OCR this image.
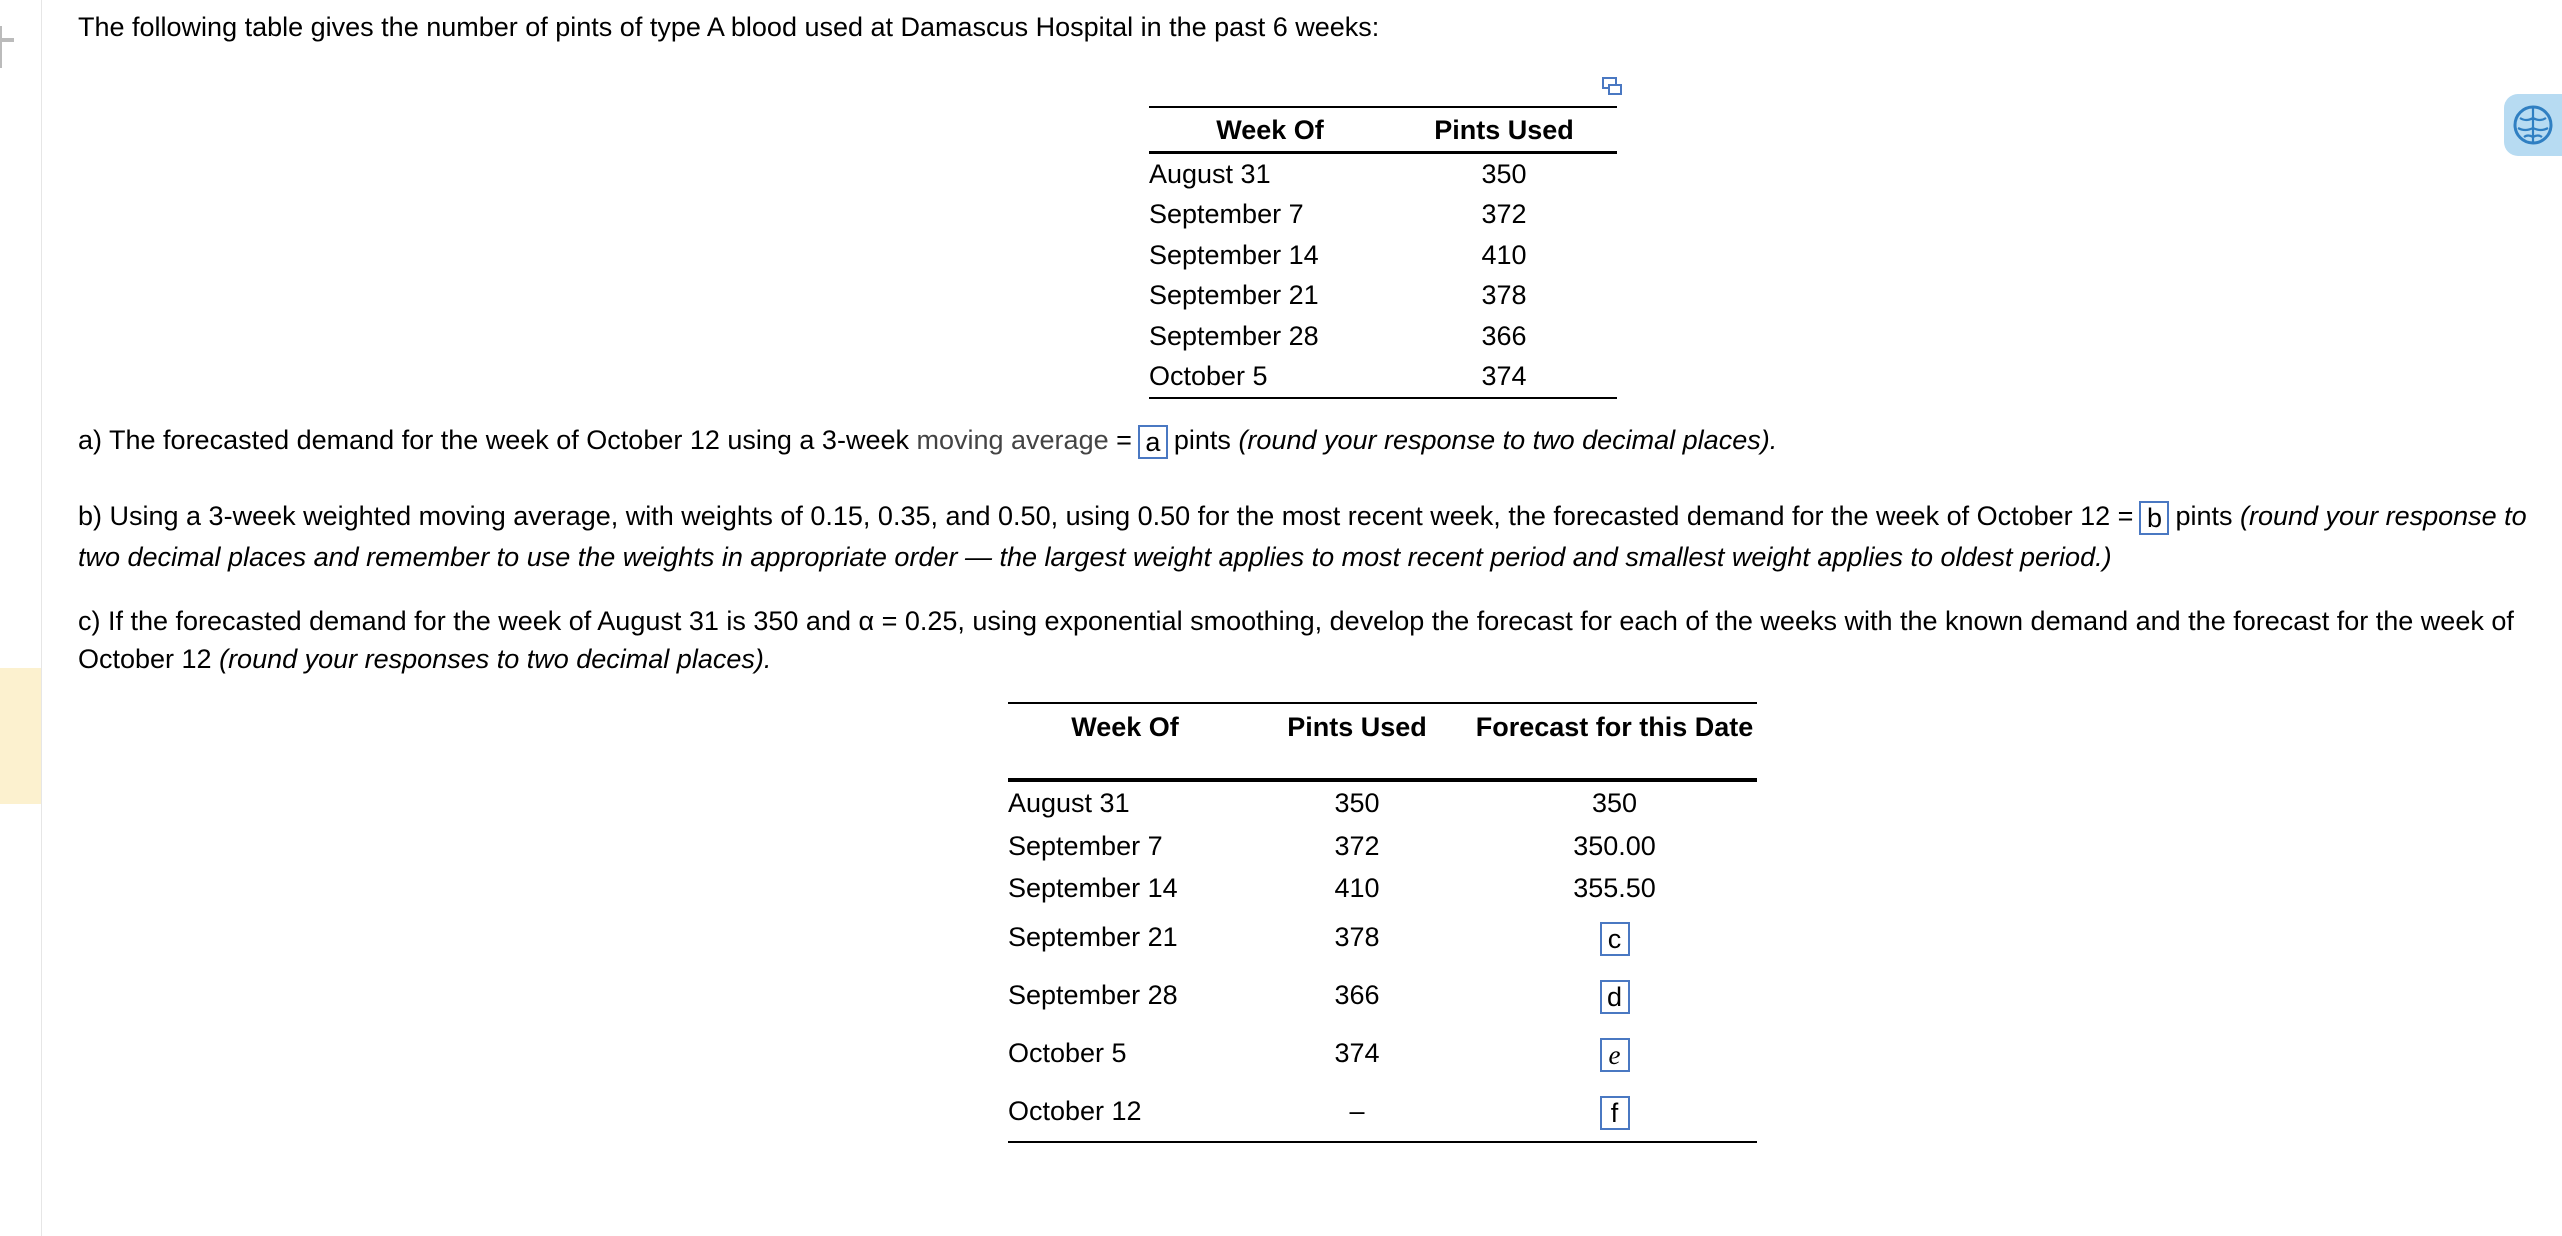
The following table gives the number of pints of type A blood used at Damascus Hospital in the past 6 weeks:
Week Of	Pints Used
August 31	350
September 7	372
September 14	410
September 21	378
September 28	366
October 5	374
a) The forecasted demand for the week of October 12 using a 3-week moving average = a pints (round your response to two decimal places).
b) Using a 3-week weighted moving average, with weights of 0.15, 0.35, and 0.50, using 0.50 for the most recent week, the forecasted demand for the week of October 12 = b pints (round your response to two decimal places and remember to use the weights in appropriate order — the largest weight applies to most recent period and smallest weight applies to oldest period.)
c) If the forecasted demand for the week of August 31 is 350 and α = 0.25, using exponential smoothing, develop the forecast for each of the weeks with the known demand and the forecast for the week of October 12 (round your responses to two decimal places).
Week Of	Pints Used	Forecast for this Date
August 31	350	350
September 7	372	350.00
September 14	410	355.50
September 21	378	c
September 28	366	d
October 5	374	e
October 12	–	f
